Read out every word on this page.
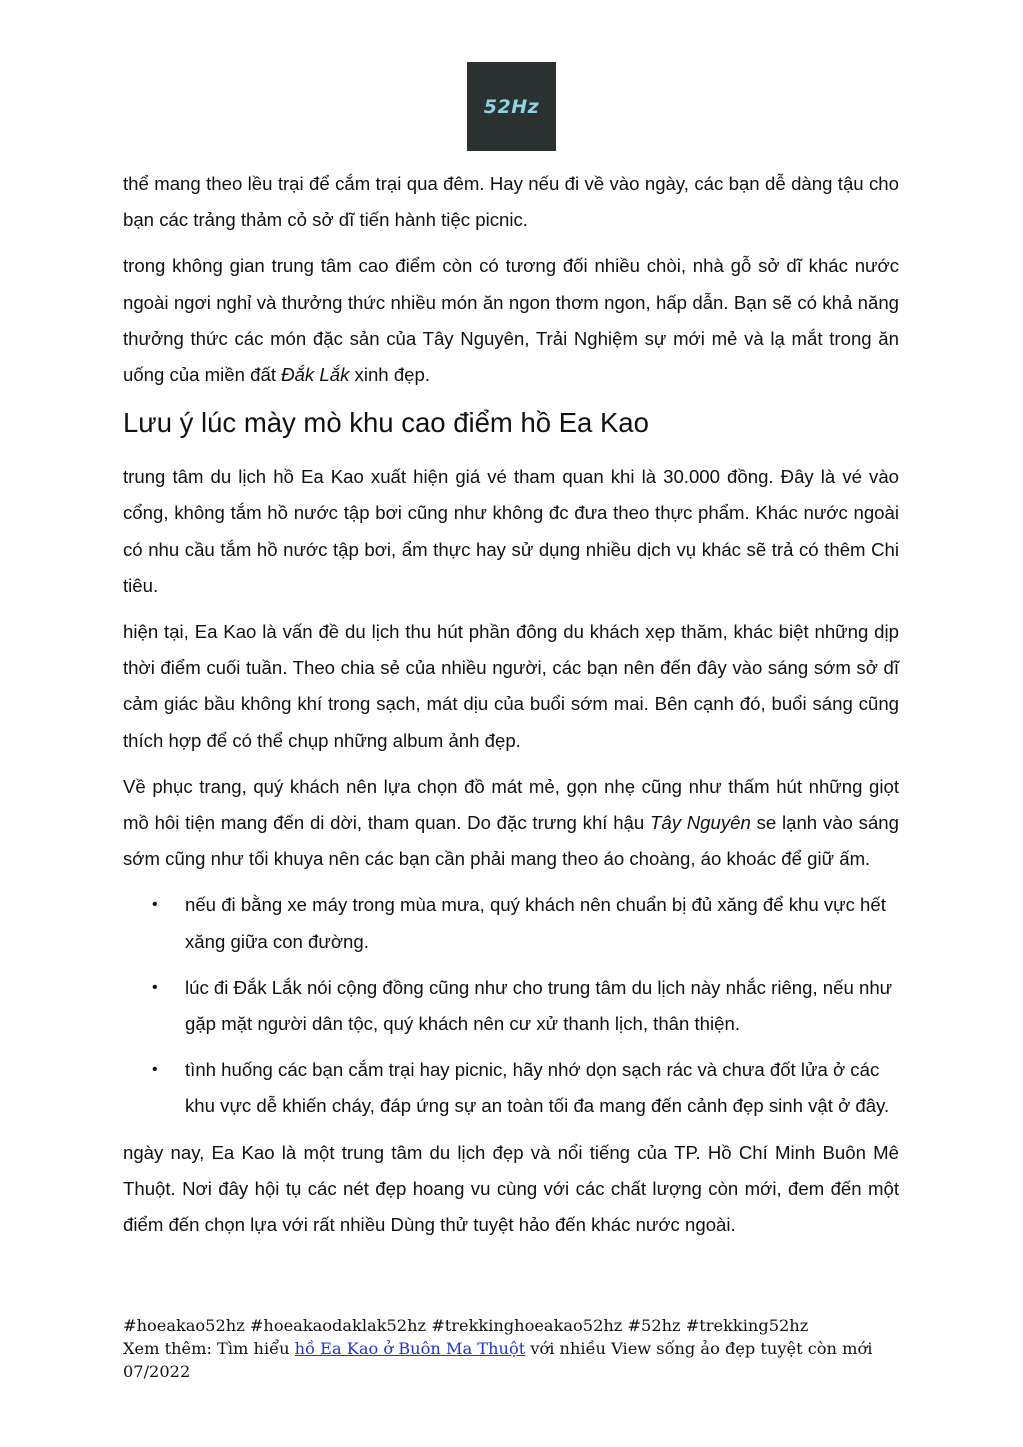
52Hz

thể mang theo lều trại để cắm trại qua đêm. Hay nếu đi về vào ngày, các bạn dễ dàng tậu cho bạn các trảng thảm cỏ sở dĩ tiến hành tiệc picnic.

trong không gian trung tâm cao điểm còn có tương đối nhiều chòi, nhà gỗ sở dĩ khác nước ngoài ngơi nghỉ và thưởng thức nhiều món ăn ngon thơm ngon, hấp dẫn. Bạn sẽ có khả năng thưởng thức các món đặc sản của Tây Nguyên, Trải Nghiệm sự mới mẻ và lạ mắt trong ăn uống của miền đất Đắk Lắk xinh đẹp.

Lưu ý lúc mày mò khu cao điểm hồ Ea Kao

trung tâm du lịch hồ Ea Kao xuất hiện giá vé tham quan khi là 30.000 đồng. Đây là vé vào cổng, không tắm hồ nước tập bơi cũng như không đc đưa theo thực phẩm. Khác nước ngoài có nhu cầu tắm hồ nước tập bơi, ẩm thực hay sử dụng nhiều dịch vụ khác sẽ trả có thêm Chi tiêu.

hiện tại, Ea Kao là vấn đề du lịch thu hút phần đông du khách xẹp thăm, khác biệt những dịp thời điểm cuối tuần. Theo chia sẻ của nhiều người, các bạn nên đến đây vào sáng sớm sở dĩ cảm giác bầu không khí trong sạch, mát dịu của buổi sớm mai. Bên cạnh đó, buổi sáng cũng thích hợp để có thể chụp những album ảnh đẹp.

Về phục trang, quý khách nên lựa chọn đồ mát mẻ, gọn nhẹ cũng như thấm hút những giọt mồ hôi tiện mang đến di dời, tham quan. Do đặc trưng khí hậu Tây Nguyên se lạnh vào sáng sớm cũng như tối khuya nên các bạn cần phải mang theo áo choàng, áo khoác để giữ ấm.

• nếu đi bằng xe máy trong mùa mưa, quý khách nên chuẩn bị đủ xăng để khu vực hết xăng giữa con đường.
• lúc đi Đắk Lắk nói cộng đồng cũng như cho trung tâm du lịch này nhắc riêng, nếu như gặp mặt người dân tộc, quý khách nên cư xử thanh lịch, thân thiện.
• tình huống các bạn cắm trại hay picnic, hãy nhớ dọn sạch rác và chưa đốt lửa ở các khu vực dễ khiến cháy, đáp ứng sự an toàn tối đa mang đến cảnh đẹp sinh vật ở đây.

ngày nay, Ea Kao là một trung tâm du lịch đẹp và nổi tiếng của TP. Hồ Chí Minh Buôn Mê Thuột. Nơi đây hội tụ các nét đẹp hoang vu cùng với các chất lượng còn mới, đem đến một điểm đến chọn lựa với rất nhiều Dùng thử tuyệt hảo đến khác nước ngoài.

#hoeakao52hz #hoeakaodaklak52hz #trekkinghoeakao52hz #52hz #trekking52hz
Xem thêm: Tìm hiểu hồ Ea Kao ở Buôn Ma Thuột với nhiều View sống ảo đẹp tuyệt còn mới 07/2022
